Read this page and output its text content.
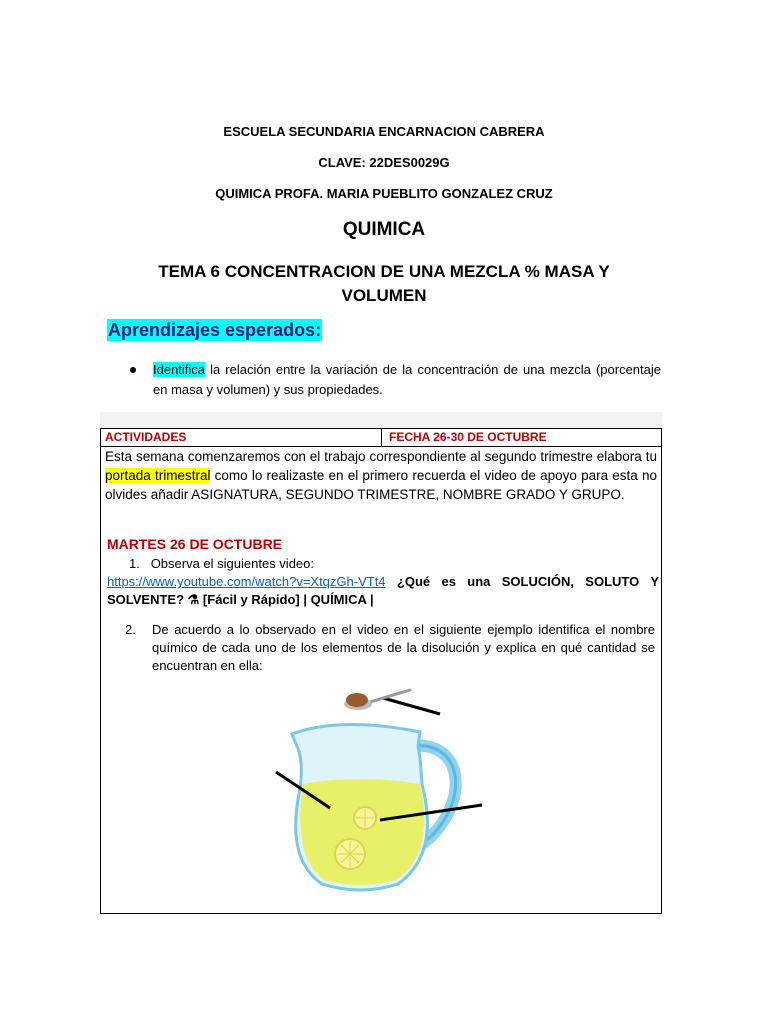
ESCUELA SECUNDARIA ENCARNACION CABRERA
CLAVE: 22DES0029G
QUIMICA PROFA. MARIA PUEBLITO GONZALEZ CRUZ
QUIMICA
TEMA 6 CONCENTRACION DE UNA MEZCLA % MASA Y
VOLUMEN
Aprendizajes esperados:
Identifica la relación entre la variación de la concentración de una mezcla (porcentaje en masa y volumen) y sus propiedades.
ACTIVIDADES	FECHA 26-30 DE OCTUBRE
Esta semana comenzaremos con el trabajo correspondiente al segundo trimestre elabora tu portada trimestral como lo realizaste en el primero recuerda el video de apoyo para esta no olvides añadir ASIGNATURA, SEGUNDO TRIMESTRE, NOMBRE GRADO Y GRUPO.
MARTES 26 DE OCTUBRE
1. Observa el siguientes video:
https://www.youtube.com/watch?v=XtqzGh-VTt4 ¿Qué es una SOLUCIÓN, SOLUTO Y SOLVENTE? ⚗ [Fácil y Rápido] | QUÍMICA |
2. De acuerdo a lo observado en el video en el siguiente ejemplo identifica el nombre químico de cada uno de los elementos de la disolución y explica en qué cantidad se encuentran en ella:
